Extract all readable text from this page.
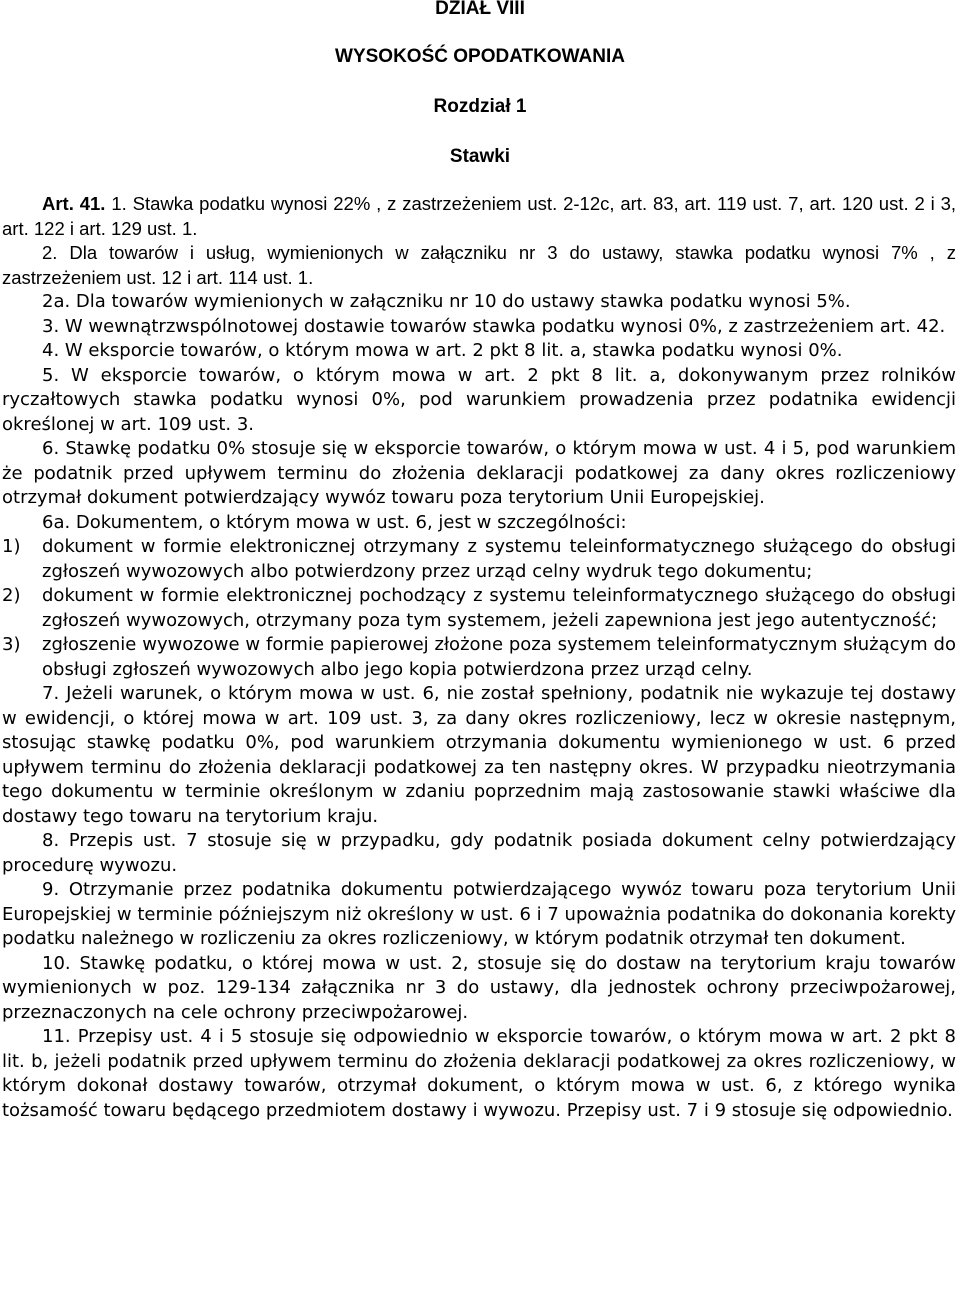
DZIAŁ VIII
WYSOKOŚĆ OPODATKOWANIA
Rozdział 1
Stawki

Art. 41. 1. Stawka podatku wynosi 22% , z zastrzeżeniem ust. 2-12c, art. 83, art. 119 ust. 7, art. 120 ust. 2 i 3, art. 122 i art. 129 ust. 1.

2. Dla towarów i usług, wymienionych w załączniku nr 3 do ustawy, stawka podatku wynosi 7% , z zastrzeżeniem ust. 12 i art. 114 ust. 1.

2a. Dla towarów wymienionych w załączniku nr 10 do ustawy stawka podatku wynosi 5%.

3. W wewnątrzwspólnotowej dostawie towarów stawka podatku wynosi 0%, z zastrzeżeniem art. 42.

4. W eksporcie towarów, o którym mowa w art. 2 pkt 8 lit. a, stawka podatku wynosi 0%.

5. W eksporcie towarów, o którym mowa w art. 2 pkt 8 lit. a, dokonywanym przez rolników ryczałtowych stawka podatku wynosi 0%, pod warunkiem prowadzenia przez podatnika ewidencji określonej w art. 109 ust. 3.

6. Stawkę podatku 0% stosuje się w eksporcie towarów, o którym mowa w ust. 4 i 5, pod warunkiem że podatnik przed upływem terminu do złożenia deklaracji podatkowej za dany okres rozliczeniowy otrzymał dokument potwierdzający wywóz towaru poza terytorium Unii Europejskiej.

6a. Dokumentem, o którym mowa w ust. 6, jest w szczególności:

1)	dokument w formie elektronicznej otrzymany z systemu teleinformatycznego służącego do obsługi zgłoszeń wywozowych albo potwierdzony przez urząd celny wydruk tego dokumentu;
2)	dokument w formie elektronicznej pochodzący z systemu teleinformatycznego służącego do obsługi zgłoszeń wywozowych, otrzymany poza tym systemem, jeżeli zapewniona jest jego autentyczność;
3)	zgłoszenie wywozowe w formie papierowej złożone poza systemem teleinformatycznym służącym do obsługi zgłoszeń wywozowych albo jego kopia potwierdzona przez urząd celny.

7. Jeżeli warunek, o którym mowa w ust. 6, nie został spełniony, podatnik nie wykazuje tej dostawy w ewidencji, o której mowa w art. 109 ust. 3, za dany okres rozliczeniowy, lecz w okresie następnym, stosując stawkę podatku 0%, pod warunkiem otrzymania dokumentu wymienionego w ust. 6 przed upływem terminu do złożenia deklaracji podatkowej za ten następny okres. W przypadku nieotrzymania tego dokumentu w terminie określonym w zdaniu poprzednim mają zastosowanie stawki właściwe dla dostawy tego towaru na terytorium kraju.

8. Przepis ust. 7 stosuje się w przypadku, gdy podatnik posiada dokument celny potwierdzający procedurę wywozu.

9. Otrzymanie przez podatnika dokumentu potwierdzającego wywóz towaru poza terytorium Unii Europejskiej w terminie późniejszym niż określony w ust. 6 i 7 upoważnia podatnika do dokonania korekty podatku należnego w rozliczeniu za okres rozliczeniowy, w którym podatnik otrzymał ten dokument.

10. Stawkę podatku, o której mowa w ust. 2, stosuje się do dostaw na terytorium kraju towarów wymienionych w poz. 129-134 załącznika nr 3 do ustawy, dla jednostek ochrony przeciwpożarowej, przeznaczonych na cele ochrony przeciwpożarowej.

11. Przepisy ust. 4 i 5 stosuje się odpowiednio w eksporcie towarów, o którym mowa w art. 2 pkt 8 lit. b, jeżeli podatnik przed upływem terminu do złożenia deklaracji podatkowej za okres rozliczeniowy, w którym dokonał dostawy towarów, otrzymał dokument, o którym mowa w ust. 6, z którego wynika tożsamość towaru będącego przedmiotem dostawy i wywozu. Przepisy ust. 7 i 9 stosuje się odpowiednio.
